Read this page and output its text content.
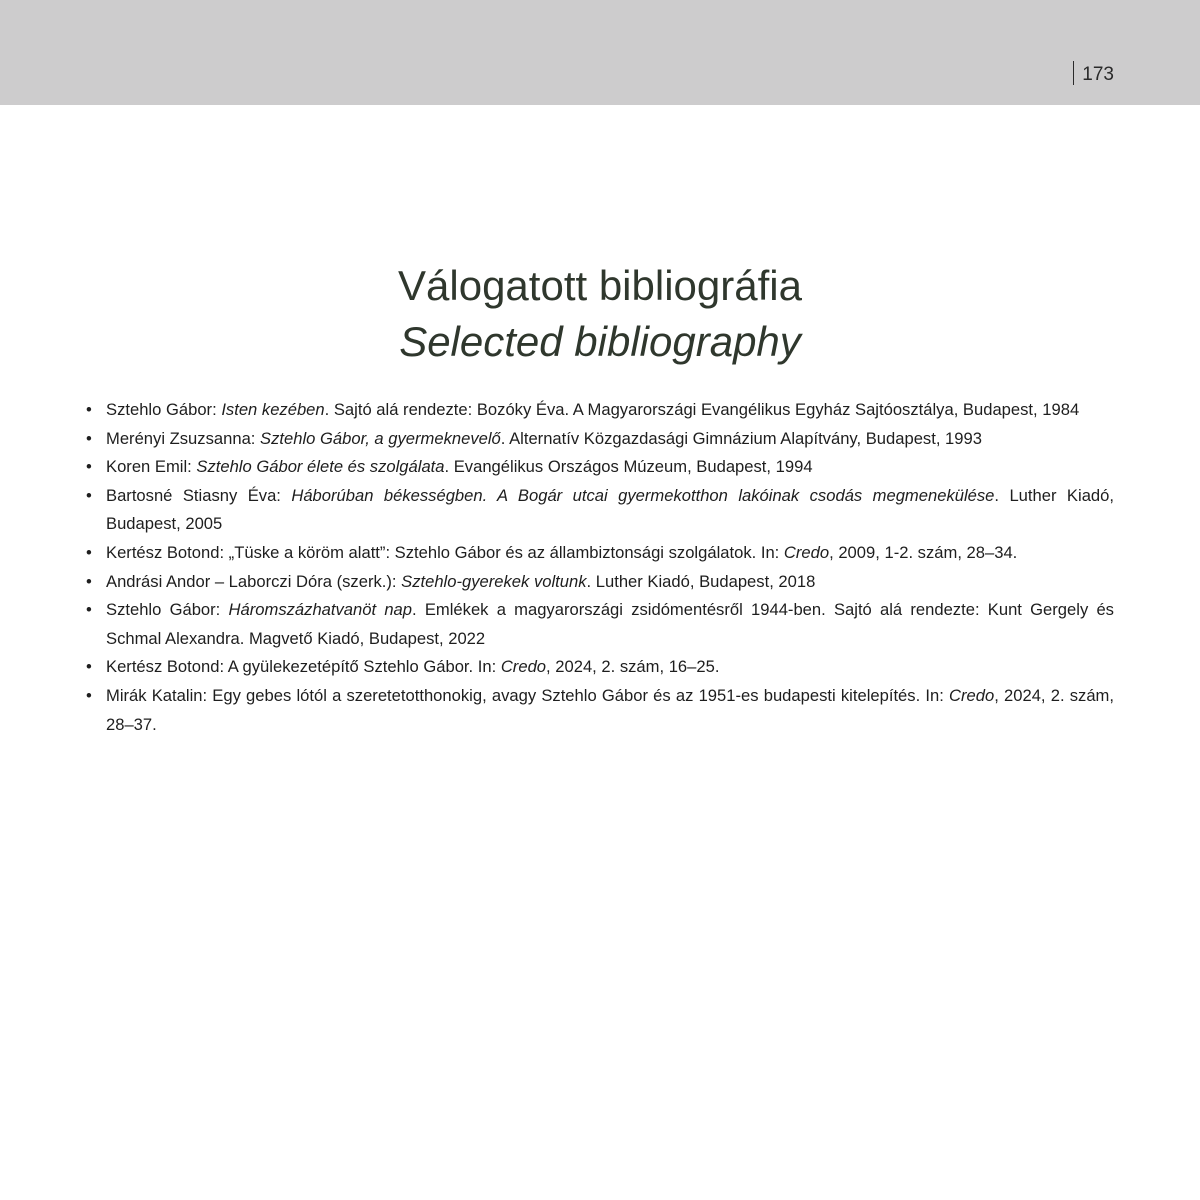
173
Válogatott bibliográfia
Selected bibliography
• Sztehlo Gábor: Isten kezében. Sajtó alá rendezte: Bozóky Éva. A Magyarországi Evangélikus Egyház Sajtóosztálya, Budapest, 1984
• Merényi Zsuzsanna: Sztehlo Gábor, a gyermeknevelő. Alternatív Közgazdasági Gimnázium Alapítvány, Budapest, 1993
• Koren Emil: Sztehlo Gábor élete és szolgálata. Evangélikus Országos Múzeum, Budapest, 1994
• Bartosné Stiasny Éva: Háborúban békességben. A Bogár utcai gyermekotthon lakóinak csodás megmenekülése. Luther Kiadó, Budapest, 2005
• Kertész Botond: „Tüske a köröm alatt”: Sztehlo Gábor és az állambiztonsági szolgálatok. In: Credo, 2009, 1-2. szám, 28–34.
• Andrási Andor – Laborczi Dóra (szerk.): Sztehlo-gyerekek voltunk. Luther Kiadó, Budapest, 2018
• Sztehlo Gábor: Háromszázhatvanöt nap. Emlékek a magyarországi zsidómentésről 1944-ben. Sajtó alá rendezte: Kunt Gergely és Schmal Alexandra. Magvető Kiadó, Budapest, 2022
• Kertész Botond: A gyülekezetépítő Sztehlo Gábor. In: Credo, 2024, 2. szám, 16–25.
• Mirák Katalin: Egy gebes lótól a szeretetotthonokig, avagy Sztehlo Gábor és az 1951-es budapesti kitelepítés. In: Credo, 2024, 2. szám, 28–37.
